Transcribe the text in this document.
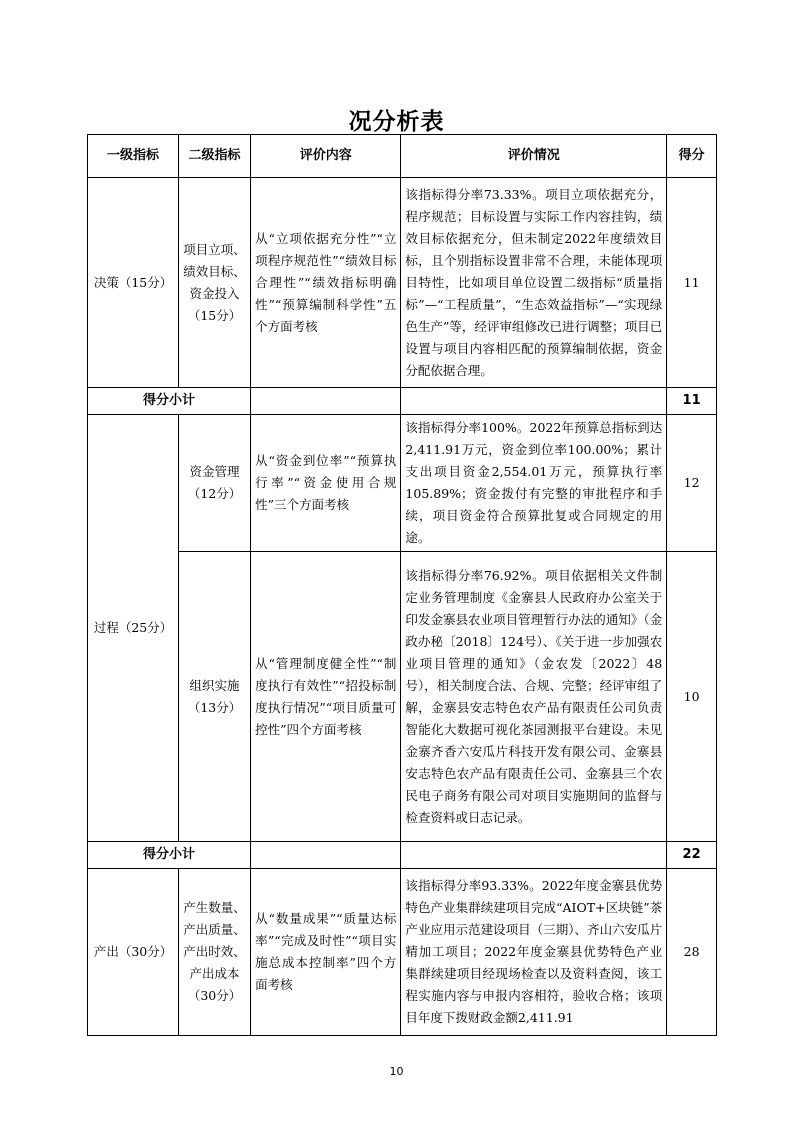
况分析表
一级指标	二级指标	评价内容	评价情况	得分
决策（15分）	项目立项、绩效目标、资金投入（15分）	从“立项依据充分性”“立项程序规范性”“绩效目标合理性”“绩效指标明确性”“预算编制科学性”五个方面考核	该指标得分率73.33%。项目立项依据充分，程序规范；目标设置与实际工作内容挂钩，绩效目标依据充分，但未制定2022年度绩效目标，且个别指标设置非常不合理，未能体现项目特性，比如项目单位设置二级指标“质量指标”—“工程质量”，“生态效益指标”—“实现绿色生产”等，经评审组修改已进行调整；项目已设置与项目内容相匹配的预算编制依据，资金分配依据合理。	11
得分小计				11
过程（25分）	资金管理（12分）	从“资金到位率”“预算执行率”“资金使用合规性”三个方面考核	该指标得分率100%。2022年预算总指标到达2,411.91万元，资金到位率100.00%；累计支出项目资金2,554.01万元，预算执行率105.89%；资金拨付有完整的审批程序和手续，项目资金符合预算批复或合同规定的用途。	12
	组织实施（13分）	从“管理制度健全性”“制度执行有效性”“招投标制度执行情况”“项目质量可控性”四个方面考核	该指标得分率76.92%。项目依据相关文件制定业务管理制度《金寨县人民政府办公室关于印发金寨县农业项目管理暂行办法的通知》（金政办秘〔2018〕124号）、《关于进一步加强农业项目管理的通知》（金农发〔2022〕48号），相关制度合法、合规、完整；经评审组了解，金寨县安志特色农产品有限责任公司负责智能化大数据可视化茶园测报平台建设。未见金寨齐香六安瓜片科技开发有限公司、金寨县安志特色农产品有限责任公司、金寨县三个农民电子商务有限公司对项目实施期间的监督与检查资料或日志记录。	10
得分小计				22
产出（30分）	产生数量、产出质量、产出时效、产出成本（30分）	从“数量成果”“质量达标率”“完成及时性”“项目实施总成本控制率”四个方面考核	该指标得分率93.33%。2022年度金寨县优势特色产业集群续建项目完成“AIOT+区块链”茶产业应用示范建设项目（三期）、齐山六安瓜片精加工项目；2022年度金寨县优势特色产业集群续建项目经现场检查以及资料查阅，该工程实施内容与申报内容相符，验收合格；该项目年度下拨财政金额2,411.91	28
10
